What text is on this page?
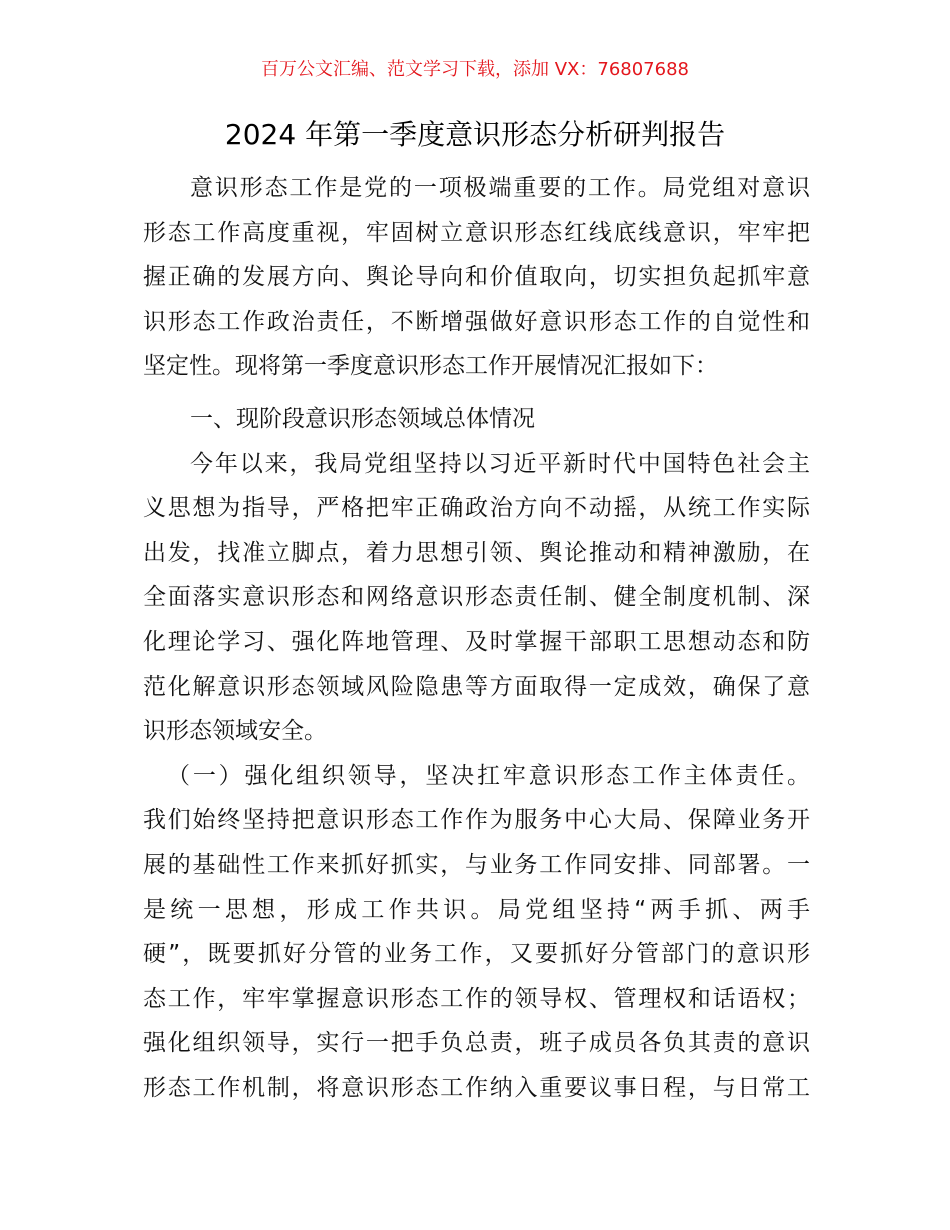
百万公文汇编、范文学习下载，添加 VX：76807688
2024 年第一季度意识形态分析研判报告
意识形态工作是党的一项极端重要的工作。局党组对意识
形态工作高度重视，牢固树立意识形态红线底线意识，牢牢把
握正确的发展方向、舆论导向和价值取向，切实担负起抓牢意
识形态工作政治责任，不断增强做好意识形态工作的自觉性和
坚定性。现将第一季度意识形态工作开展情况汇报如下：
一、现阶段意识形态领域总体情况
今年以来，我局党组坚持以习近平新时代中国特色社会主
义思想为指导，严格把牢正确政治方向不动摇，从统工作实际
出发，找准立脚点，着力思想引领、舆论推动和精神激励，在
全面落实意识形态和网络意识形态责任制、健全制度机制、深
化理论学习、强化阵地管理、及时掌握干部职工思想动态和防
范化解意识形态领域风险隐患等方面取得一定成效，确保了意
识形态领域安全。
（一）强化组织领导，坚决扛牢意识形态工作主体责任。
我们始终坚持把意识形态工作作为服务中心大局、保障业务开
展的基础性工作来抓好抓实，与业务工作同安排、同部署。一
是统一思想，形成工作共识。局党组坚持“两手抓、两手
硬”，既要抓好分管的业务工作，又要抓好分管部门的意识形
态工作，牢牢掌握意识形态工作的领导权、管理权和话语权；
强化组织领导，实行一把手负总责，班子成员各负其责的意识
形态工作机制，将意识形态工作纳入重要议事日程，与日常工
